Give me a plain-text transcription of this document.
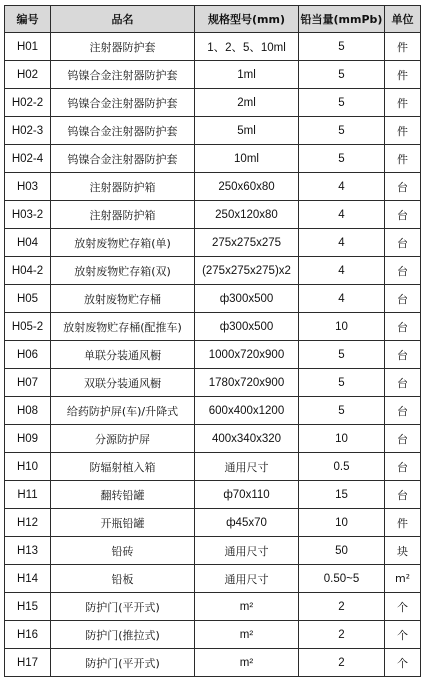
编号	品名	规格型号(mm)	铅当量(mmPb)	单位
H01	注射器防护套	1、2、5、10ml	5	件
H02	钨镍合金注射器防护套	1ml	5	件
H02-2	钨镍合金注射器防护套	2ml	5	件
H02-3	钨镍合金注射器防护套	5ml	5	件
H02-4	钨镍合金注射器防护套	10ml	5	件
H03	注射器防护箱	250x60x80	4	台
H03-2	注射器防护箱	250x120x80	4	台
H04	放射废物贮存箱(单)	275x275x275	4	台
H04-2	放射废物贮存箱(双)	(275x275x275)x2	4	台
H05	放射废物贮存桶	ф300x500	4	台
H05-2	放射废物贮存桶(配推车)	ф300x500	10	台
H06	单联分装通风橱	1000x720x900	5	台
H07	双联分装通风橱	1780x720x900	5	台
H08	给药防护屏(车)/升降式	600x400x1200	5	台
H09	分源防护屏	400x340x320	10	台
H10	防辐射植入箱	通用尺寸	0.5	台
H11	翻转铅罐	ф70x110	15	台
H12	开瓶铅罐	ф45x70	10	件
H13	铅砖	通用尺寸	50	块
H14	铅板	通用尺寸	0.50~5	m²
H15	防护门(平开式)	m²	2	个
H16	防护门(推拉式)	m²	2	个
H17	防护门(平开式)	m²	2	个
